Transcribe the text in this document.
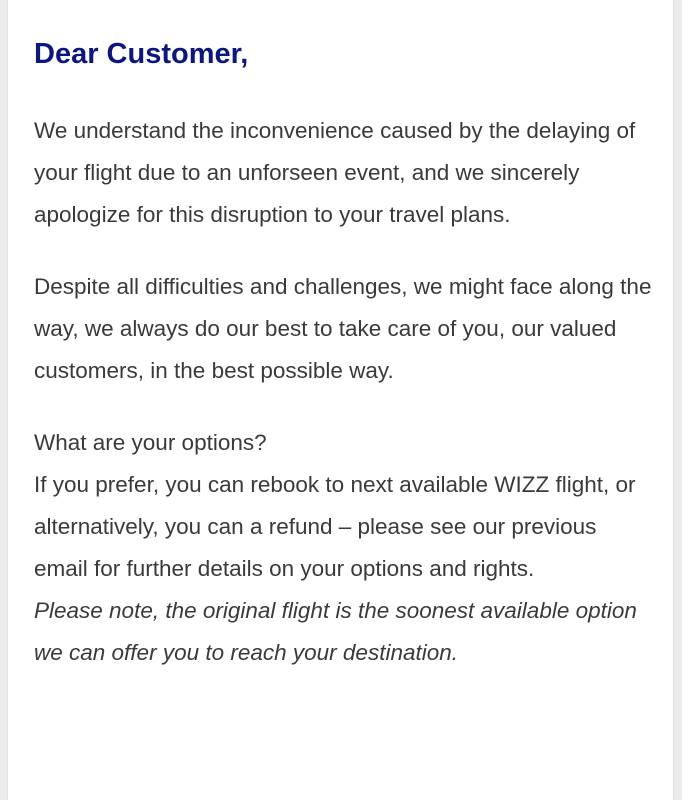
Dear Customer,

We understand the inconvenience caused by the delaying of your flight due to an unforseen event, and we sincerely apologize for this disruption to your travel plans.

Despite all difficulties and challenges, we might face along the way, we always do our best to take care of you, our valued customers, in the best possible way.

What are your options?

If you prefer, you can rebook to next available WIZZ flight, or alternatively, you can a refund – please see our previous email for further details on your options and rights.

Please note, the original flight is the soonest available option we can offer you to reach your destination.
